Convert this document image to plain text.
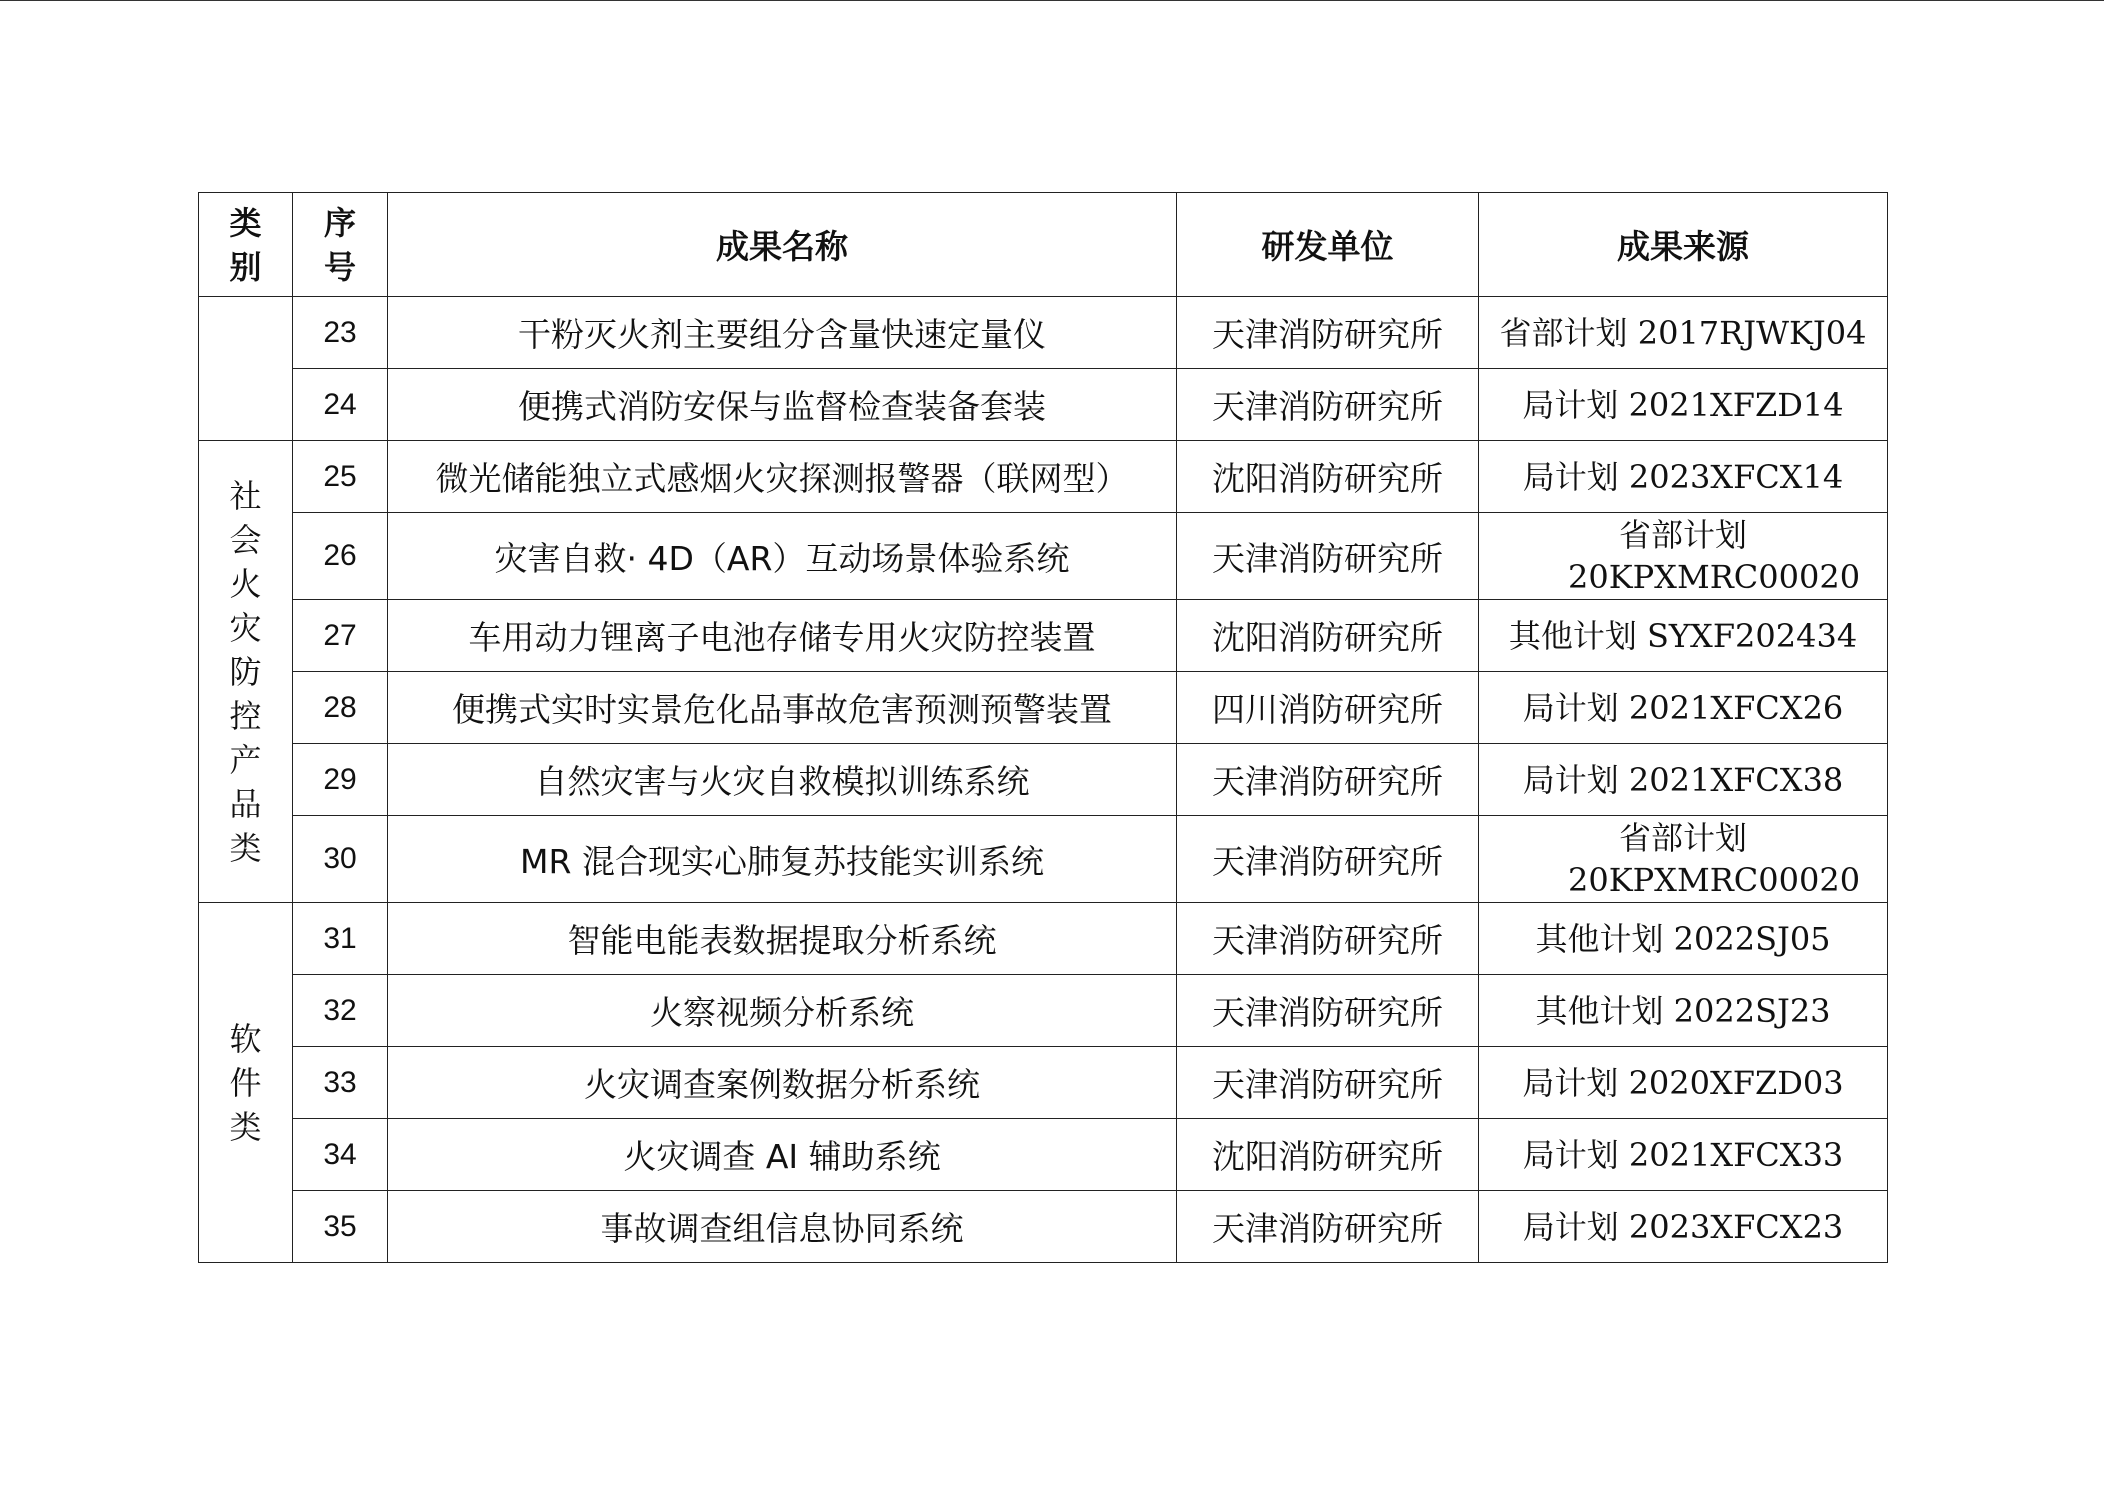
类别	序号	成果名称	研发单位	成果来源
	23	干粉灭火剂主要组分含量快速定量仪	天津消防研究所	省部计划 2017RJWKJ04
	24	便携式消防安保与监督检查装备套装	天津消防研究所	局计划 2021XFZD14
社会火灾防控产品类	25	微光储能独立式感烟火灾探测报警器（联网型）	沈阳消防研究所	局计划 2023XFCX14
	26	灾害自救· 4D（AR）互动场景体验系统	天津消防研究所	省部计划 20KPXMRC00020

	27	车用动力锂离子电池存储专用火灾防控装置	沈阳消防研究所	其他计划 SYXF202434
	28	便携式实时实景危化品事故危害预测预警装置	四川消防研究所	局计划 2021XFCX26
	29	自然灾害与火灾自救模拟训练系统	天津消防研究所	局计划 2021XFCX38
	30	MR 混合现实心肺复苏技能实训系统	天津消防研究所	省部计划 20KPXMRC00020

软件类	31	智能电能表数据提取分析系统	天津消防研究所	其他计划 2022SJ05
	32	火察视频分析系统	天津消防研究所	其他计划 2022SJ23
	33	火灾调查案例数据分析系统	天津消防研究所	局计划 2020XFZD03
	34	火灾调查 AI 辅助系统	沈阳消防研究所	局计划 2021XFCX33
	35	事故调查组信息协同系统	天津消防研究所	局计划 2023XFCX23
